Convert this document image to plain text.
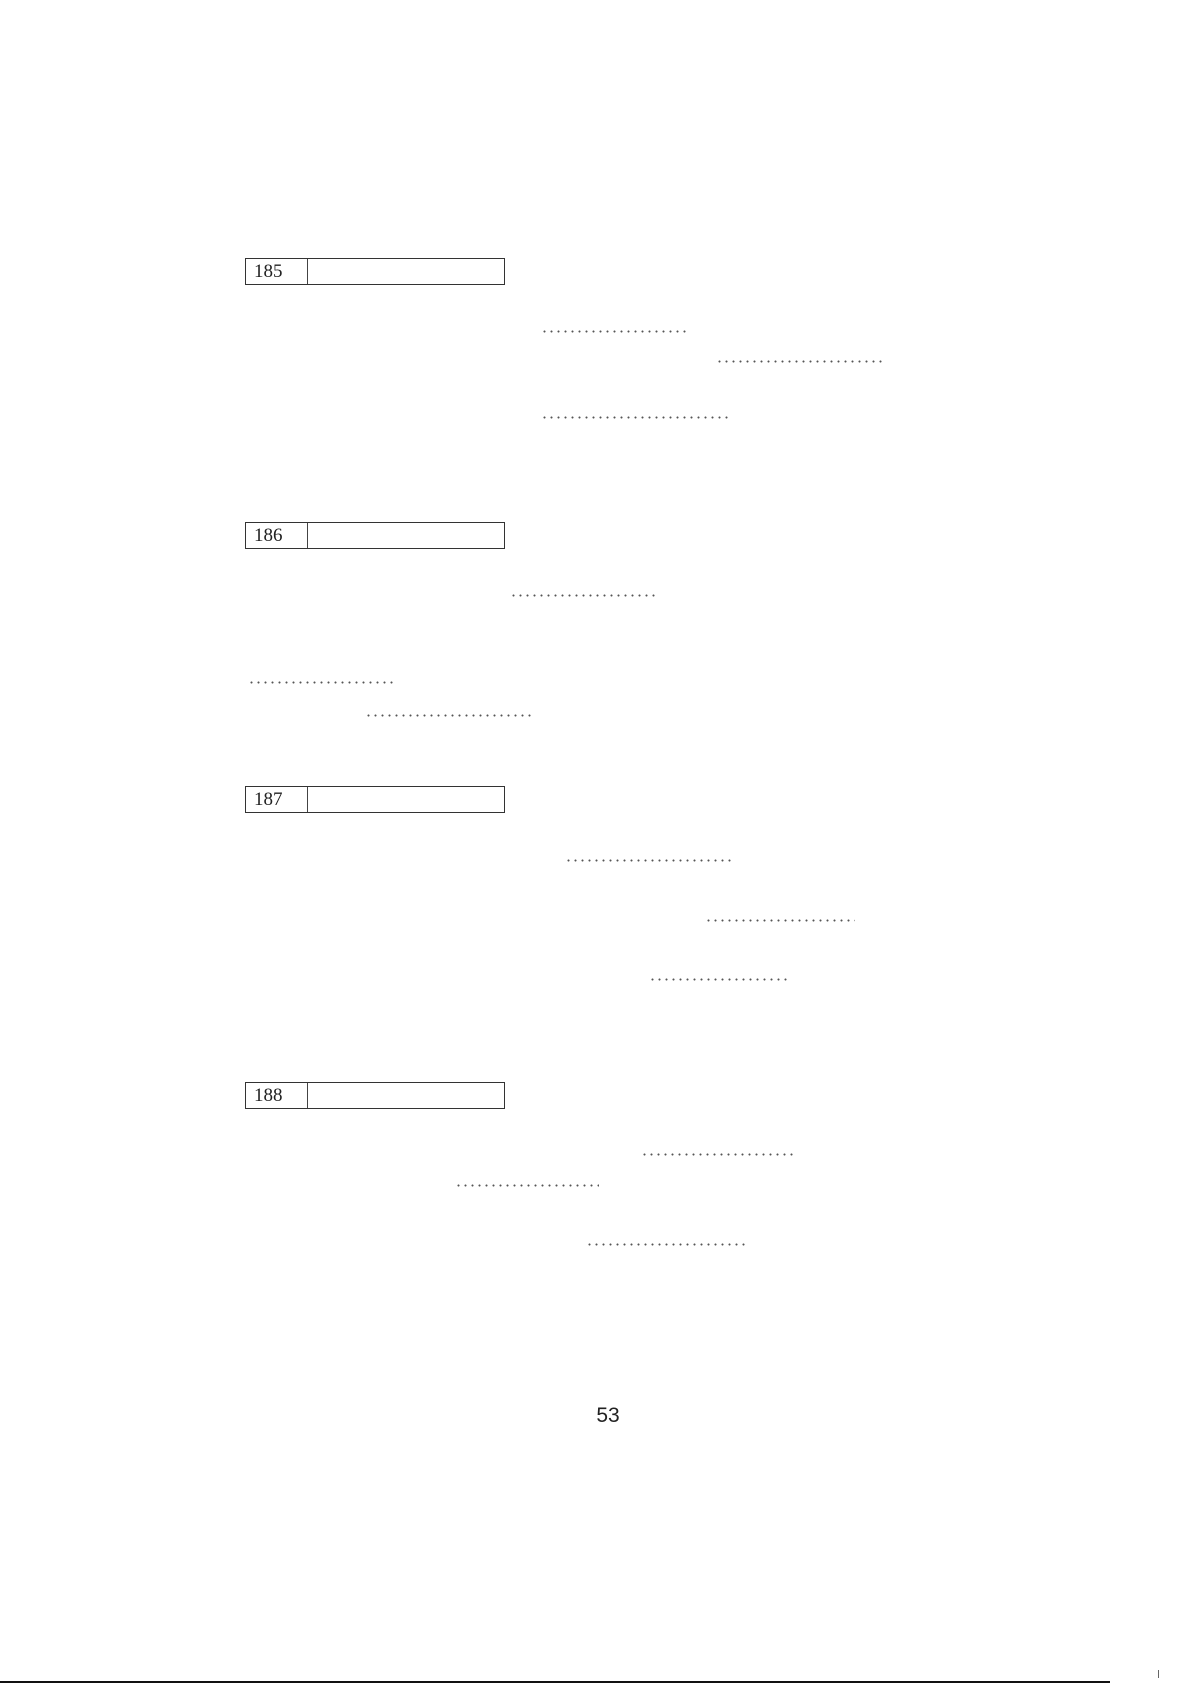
185
186
187
188
53
